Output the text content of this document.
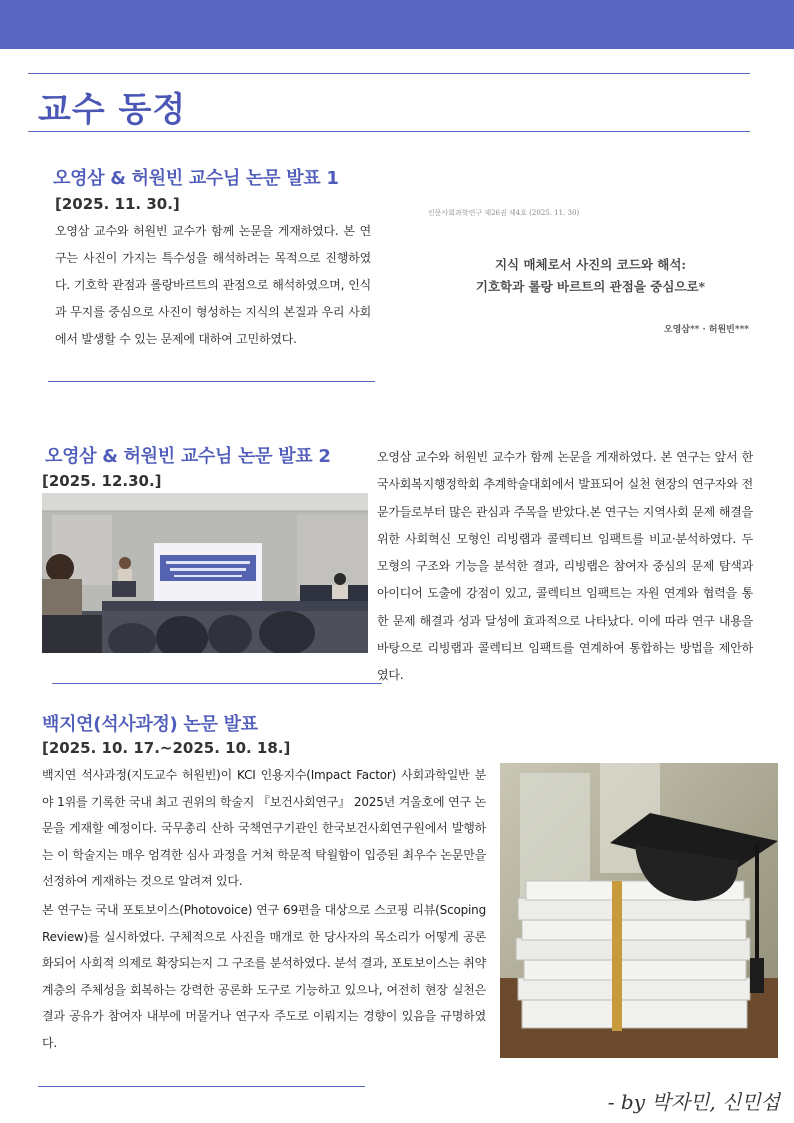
교수 동정
오영삼 & 허원빈 교수님 논문 발표 1
[2025. 11. 30.]
오영삼 교수와 허원빈 교수가 함께 논문을 게재하였다. 본 연구는 사진이 가지는 특수성을 해석하려는 목적으로 진행하였다. 기호학 관점과 롤랑바르트의 관점으로 해석하였으며, 인식과 무지를 중심으로 사진이 형성하는 지식의 본질과 우리 사회에서 발생할 수 있는 문제에 대하여 고민하였다.
인문사회과학연구 제26권 제4호 (2025. 11. 30)
지식 매체로서 사진의 코드와 해석:
기호학과 롤랑 바르트의 관점을 중심으로*
오영삼** · 허원빈***
오영삼 & 허원빈 교수님 논문 발표 2
[2025. 12.30.]
오영삼 교수와 허원빈 교수가 함께 논문을 게재하였다. 본 연구는 앞서 한국사회복지행정학회 추계학술대회에서 발표되어 실천 현장의 연구자와 전문가들로부터 많은 관심과 주목을 받았다.본 연구는 지역사회 문제 해결을 위한 사회혁신 모형인 리빙랩과 콜렉티브 임팩트를 비교·분석하였다. 두 모형의 구조와 기능을 분석한 결과, 리빙랩은 참여자 중심의 문제 탐색과 아이디어 도출에 강점이 있고, 콜렉티브 임팩트는 자원 연계와 협력을 통한 문제 해결과 성과 달성에 효과적으로 나타났다. 이에 따라 연구 내용을 바탕으로 리빙랩과 콜렉티브 임팩트를 연계하여 통합하는 방법을 제안하였다.
백지연(석사과정) 논문 발표
[2025. 10. 17.~2025. 10. 18.]
백지연 석사과정(지도교수 허원빈)이 KCI 인용지수(Impact Factor) 사회과학일반 분야 1위를 기록한 국내 최고 권위의 학술지 『보건사회연구』 2025년 겨울호에 연구 논문을 게재할 예정이다. 국무총리 산하 국책연구기관인 한국보건사회연구원에서 발행하는 이 학술지는 매우 엄격한 심사 과정을 거쳐 학문적 탁월함이 입증된 최우수 논문만을 선정하여 게재하는 것으로 알려져 있다.
본 연구는 국내 포토보이스(Photovoice) 연구 69편을 대상으로 스코핑 리뷰(Scoping Review)를 실시하였다. 구체적으로 사진을 매개로 한 당사자의 목소리가 어떻게 공론화되어 사회적 의제로 확장되는지 그 구조를 분석하였다. 분석 결과, 포토보이스는 취약계층의 주체성을 회복하는 강력한 공론화 도구로 기능하고 있으나, 여전히 현장 실천은 결과 공유가 참여자 내부에 머물거나 연구자 주도로 이뤄지는 경향이 있음을 규명하였다.
- by 박자민, 신민섭
